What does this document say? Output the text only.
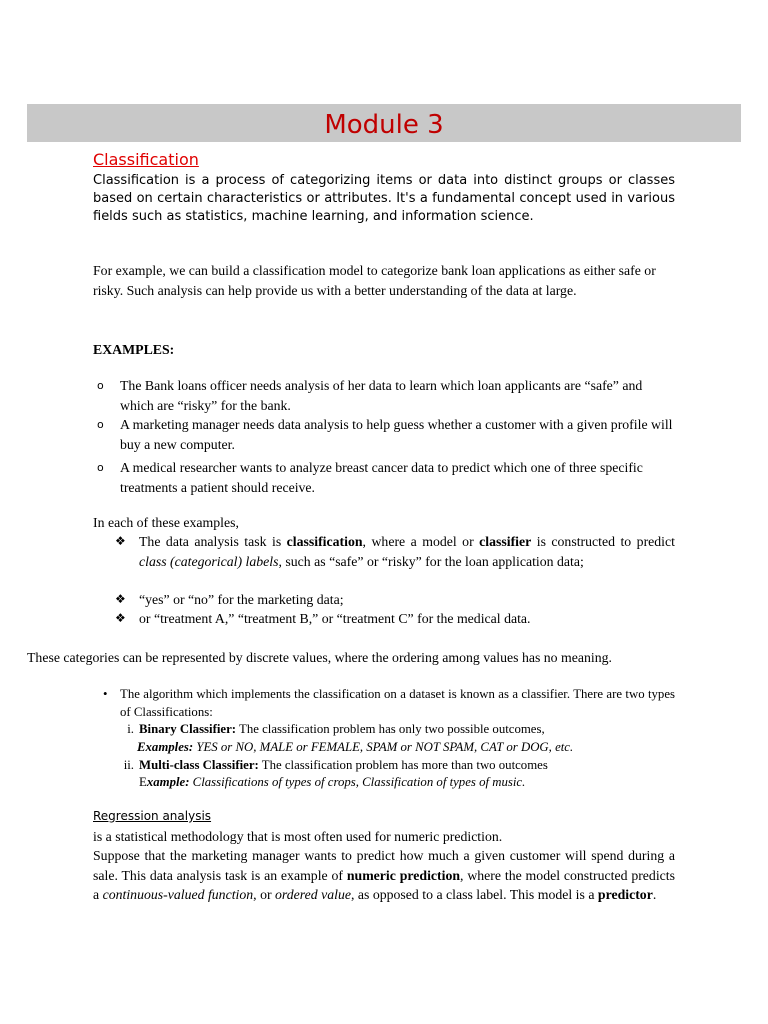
Module 3

Classification

Classification is a process of categorizing items or data into distinct groups or classes based on certain characteristics or attributes. It's a fundamental concept used in various fields such as statistics, machine learning, and information science.

For example, we can build a classification model to categorize bank loan applications as either safe or risky. Such analysis can help provide us with a better understanding of the data at large.

EXAMPLES:

o The Bank loans officer needs analysis of her data to learn which loan applicants are “safe” and which are “risky” for the bank.
o A marketing manager needs data analysis to help guess whether a customer with a given profile will buy a new computer.
o A medical researcher wants to analyze breast cancer data to predict which one of three specific treatments a patient should receive.

In each of these examples,

❖ The data analysis task is classification, where a model or classifier is constructed to predict class (categorical) labels, such as “safe” or “risky” for the loan application data;
❖ “yes” or “no” for the marketing data;
❖ or “treatment A,” “treatment B,” or “treatment C” for the medical data.

These categories can be represented by discrete values, where the ordering among values has no meaning.

• The algorithm which implements the classification on a dataset is known as a classifier. There are two types of Classifications:
i. Binary Classifier: The classification problem has only two possible outcomes,

Examples: YES or NO, MALE or FEMALE, SPAM or NOT SPAM, CAT or DOG, etc.

ii. Multi-class Classifier: The classification problem has more than two outcomes

Example: Classifications of types of crops, Classification of types of music.

Regression analysis

is a statistical methodology that is most often used for numeric prediction.

Suppose that the marketing manager wants to predict how much a given customer will spend during a sale. This data analysis task is an example of numeric prediction, where the model constructed predicts a continuous-valued function, or ordered value, as opposed to a class label. This model is a predictor.
